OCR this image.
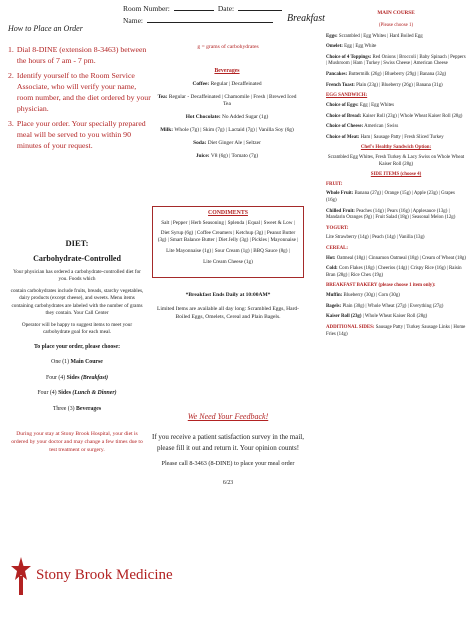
Room Number:	Date:
Name:	Breakfast
How to Place an Order
1. Dial 8-DINE (extension 8-3463) between the hours of 7 am - 7 pm.
2. Identify yourself to the Room Service Associate, who will verify your name, room number, and the diet ordered by your physician.
3. Place your order. Your specially prepared meal will be served to you within 90 minutes of your request.
DIET:
Carbohydrate-Controlled

Your physician has ordered a carbohydrate-controlled diet for you. Foods which

contain carbohydrates include fruits, breads, starchy vegetables, dairy products (except cheese), and sweets. Menu items containing carbohydrates are labeled with the number of grams they contain. Your Call Center

Operator will be happy to suggest items to meet your carbohydrate goal for each meal.

To place your order, please choose:
One (1) Main Course
Four (4) Sides (Breakfast)
Four (4) Sides (Lunch & Dinner)
Three (3) Beverages
During your stay at Stony Brook Hospital, your diet is ordered by your doctor and may change a few times due to test treatment or surgery.
Stony Brook Medicine
g = grams of carbohydrates
Beverages
Coffee: Regular | Decaffeinated
Tea: Regular - Decaffeinated | Chamomile | Fresh | Brewed Iced Tea
Hot Chocolate: No Added Sugar (1g)
Milk: Whole (7g) | Skim (7g) | Lactaid (7g) | Vanilla Soy (6g)
Soda: Diet Ginger Ale | Seltzer
Juice: V8 (6g) | Tomato (7g)
CONDIMENTS
Salt | Pepper | Herb Seasoning | Splenda | Equal | Sweet & Low |
Diet Syrup (6g) | Coffee Creamers | Ketchup (3g) | Peanut Butter (3g) | Smart Balance Butter | Diet Jelly (3g) | Pickles | Mayonnaise |
Lite Mayonnaise (1g) | Sour Cream (1g) | BBQ Sauce (8g) |
Lite Cream Cheese (1g)
*Breakfast Ends Daily at 10:00AM*

Limited Items are available all day long: Scrambled Eggs, Hard-Boiled Eggs, Omelets, Cereal and Plain Bagels.

We Need Your Feedback!

If you receive a patient satisfaction survey in the mail, please fill it out and return it. Your opinion counts!

Please call 8-3463 (8-DINE) to place your meal order
6/23
MAIN COURSE
(Please choose 1)
Eggs: Scrambled | Egg Whites | Hard Boiled Egg
Omelet: Egg | Egg White
Choice of 4 Toppings: Red Onions | Broccoli | Baby Spinach | Peppers | Mushroom | Ham | Turkey | Swiss Cheese | American Cheese
Pancakes: Buttermilk (26g) | Blueberry (29g) | Banana (32g)
French Toast: Plain (23g) | Blueberry (26g) | Banana (31g)
EGG SANDWICH:
Choice of Eggs: Egg | Egg Whites
Choice of Bread: Kaiser Roll (23g) | Whole Wheat Kaiser Roll (28g)
Choice of Cheese: American | Swiss
Choice of Meat: Ham | Sausage Patty | Fresh Sliced Turkey
Chef's Healthy Sandwich Option:
Scrambled Egg Whites, Fresh Turkey & Lacy Swiss on Whole Wheat Kaiser Roll (28g)
SIDE ITEMS (choose 4)
FRUIT:
Whole Fruit: Banana (27g) | Orange (15g) | Apple (23g) | Grapes (16g)
Chilled Fruit: Peaches (14g) | Pears (16g) | Applesauce (13g) | Mandarin Oranges (9g) | Fruit Salad (18g) | Seasonal Melon (12g)
YOGURT:
Lite Strawberry (14g) | Peach (14g) | Vanilla (13g)
CEREAL:
Hot: Oatmeal (18g) | Cinnamon Oatmeal (18g) | Cream of Wheat (18g)
Cold: Corn Flakes (18g) | Cheerios (14g) | Crispy Rice (16g) | Raisin Bran (28g) | Rice Chex (19g)
BREAKFAST BAKERY (please choose 1 item only):
Muffin: Blueberry (30g) | Corn (30g)
Bagels: Plain (30g) | Whole Wheat (27g) | Everything (27g)
Kaiser Roll (23g) | Whole Wheat Kaiser Roll (28g)
ADDITIONAL SIDES: Sausage Patty | Turkey Sausage Links | Home Fries (14g)
